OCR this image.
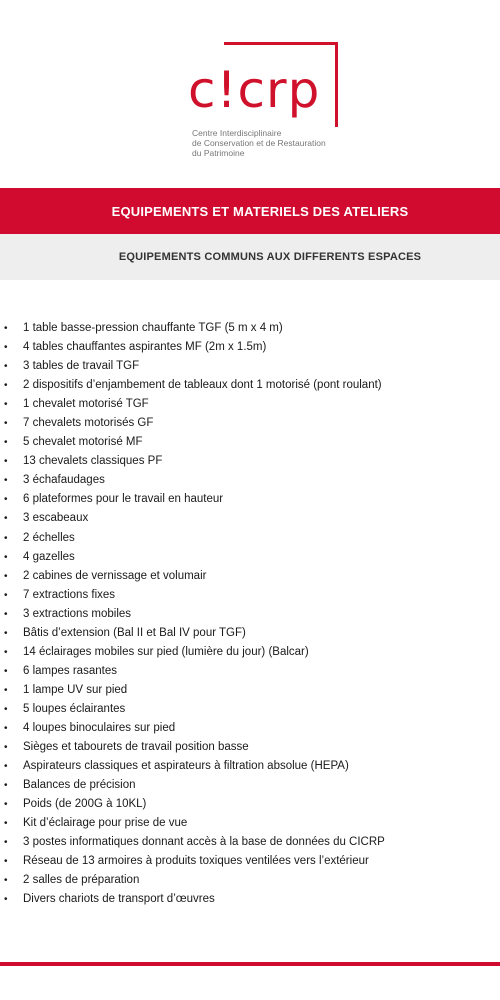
c!crp
Centre Interdisciplinaire
de Conservation et de Restauration
du Patrimoine
EQUIPEMENTS ET MATERIELS DES ATELIERS
EQUIPEMENTS COMMUNS AUX DIFFERENTS ESPACES
• 1 table basse-pression chauffante TGF (5 m x 4 m)
• 4 tables chauffantes aspirantes MF (2m x 1.5m)
• 3 tables de travail TGF
• 2 dispositifs d’enjambement de tableaux dont 1 motorisé (pont roulant)
• 1 chevalet motorisé TGF
• 7 chevalets motorisés GF
• 5 chevalet motorisé MF
• 13 chevalets classiques PF
• 3 échafaudages
• 6 plateformes pour le travail en hauteur
• 3 escabeaux
• 2 échelles
• 4 gazelles
• 2 cabines de vernissage et volumair
• 7 extractions fixes
• 3 extractions mobiles
• Bâtis d’extension (Bal II et Bal IV pour TGF)
• 14 éclairages mobiles sur pied (lumière du jour) (Balcar)
• 6 lampes rasantes
• 1 lampe UV sur pied
• 5 loupes éclairantes
• 4 loupes binoculaires sur pied
• Sièges et tabourets de travail position basse
• Aspirateurs classiques et aspirateurs à filtration absolue (HEPA)
• Balances de précision
• Poids (de 200G à 10KL)
• Kit d’éclairage pour prise de vue
• 3 postes informatiques donnant accès à la base de données du CICRP
• Réseau de 13 armoires à produits toxiques ventilées vers l’extérieur
• 2 salles de préparation
• Divers chariots de transport d’œuvres
